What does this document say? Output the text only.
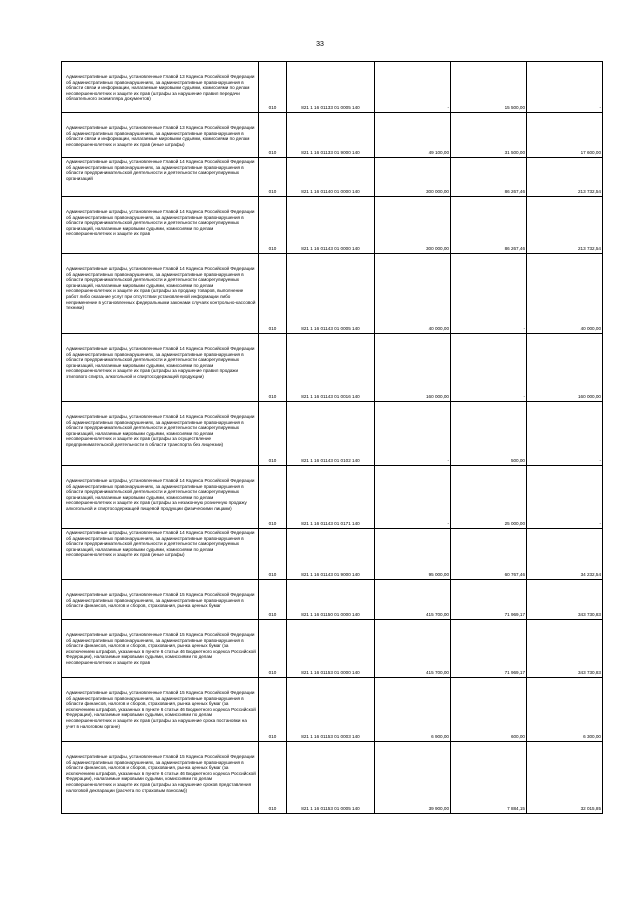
33
Административные штрафы, установленные Главой 13 Кодекса Российской Федерации об административных правонарушениях, за административные правонарушения в области связи и информации, налагаемые мировыми судьями, комиссиями по делам несовершеннолетних и защите их прав (штрафы за нарушение правил передачи обязательного экземпляра документов)	010	821 1 16 01133 01 0005 140	-	15 500,00	-
Административные штрафы, установленные Главой 13 Кодекса Российской Федерации об административных правонарушениях, за административные правонарушения в области связи и информации, налагаемые мировыми судьями, комиссиями по делам несовершеннолетних и защите их прав (иные штрафы)	010	821 1 16 01133 01 9000 140	49 100,00	31 500,00	17 600,00
Административные штрафы, установленные Главой 14 Кодекса Российской Федерации об административных правонарушениях, за административные правонарушения в области предпринимательской деятельности и деятельности саморегулируемых организаций	010	821 1 16 01140 01 0000 140	300 000,00	86 267,46	213 732,54
Административные штрафы, установленные Главой 14 Кодекса Российской Федерации об административных правонарушениях, за административные правонарушения в области предпринимательской деятельности и деятельности саморегулируемых организаций, налагаемые мировыми судьями, комиссиями по делам несовершеннолетних и защите их прав	010	821 1 16 01143 01 0000 140	300 000,00	86 267,46	213 732,54
Административные штрафы, установленные Главой 14 Кодекса Российской Федерации об административных правонарушениях, за административные правонарушения в области предпринимательской деятельности и деятельности саморегулируемых организаций, налагаемые мировыми судьями, комиссиями по делам несовершеннолетних и защите их прав (штрафы за продажу товаров, выполнение работ либо оказание услуг при отсутствии установленной информации либо неприменение в установленных федеральными законами случаях контрольно-кассовой техники)	010	821 1 16 01143 01 0005 140	40 000,00	-	40 000,00
Административные штрафы, установленные Главой 14 Кодекса Российской Федерации об административных правонарушениях, за административные правонарушения в области предпринимательской деятельности и деятельности саморегулируемых организаций, налагаемые мировыми судьями, комиссиями по делам несовершеннолетних и защите их прав (штрафы за нарушение правил продажи этилового спирта, алкогольной и спиртосодержащей продукции)	010	821 1 16 01143 01 0016 140	160 000,00	-	160 000,00
Административные штрафы, установленные Главой 14 Кодекса Российской Федерации об административных правонарушениях, за административные правонарушения в области предпринимательской деятельности и деятельности саморегулируемых организаций, налагаемые мировыми судьями, комиссиями по делам несовершеннолетних и защите их прав (штрафы за осуществление предпринимательской деятельности в области транспорта без лицензии)	010	821 1 16 01143 01 0102 140	-	500,00	-
Административные штрафы, установленные Главой 14 Кодекса Российской Федерации об административных правонарушениях, за административные правонарушения в области предпринимательской деятельности и деятельности саморегулируемых организаций, налагаемые мировыми судьями, комиссиями по делам несовершеннолетних и защите их прав (штрафы за незаконную розничную продажу алкогольной и спиртосодержащей пищевой продукции физическими лицами)	010	821 1 16 01143 01 0171 140	-	25 000,00	-
Административные штрафы, установленные Главой 14 Кодекса Российской Федерации об административных правонарушениях, за административные правонарушения в области предпринимательской деятельности и деятельности саморегулируемых организаций, налагаемые мировыми судьями, комиссиями по делам несовершеннолетних и защите их прав (иные штрафы)	010	821 1 16 01143 01 9000 140	95 000,00	60 767,46	34 232,54
Административные штрафы, установленные Главой 15 Кодекса Российской Федерации об административных правонарушениях, за административные правонарушения в области финансов, налогов и сборов, страхования, рынка ценных бумаг	010	821 1 16 01150 01 0000 140	415 700,00	71 969,17	343 730,83
Административные штрафы, установленные Главой 15 Кодекса Российской Федерации об административных правонарушениях, за административные правонарушения в области финансов, налогов и сборов, страхования, рынка ценных бумаг (за исключением штрафов, указанных в пункте 6 статьи 46 Бюджетного кодекса Российской Федерации), налагаемые мировыми судьями, комиссиями по делам несовершеннолетних и защите их прав	010	821 1 16 01153 01 0000 140	415 700,00	71 969,17	343 730,83
Административные штрафы, установленные Главой 15 Кодекса Российской Федерации об административных правонарушениях, за административные правонарушения в области финансов, налогов и сборов, страхования, рынка ценных бумаг (за исключением штрафов, указанных в пункте 6 статьи 46 Бюджетного кодекса Российской Федерации), налагаемые мировыми судьями, комиссиями по делам несовершеннолетних и защите их прав (штрафы за нарушение срока постановки на учет в налоговом органе)	010	821 1 16 01153 01 0003 140	6 900,00	600,00	6 300,00
Административные штрафы, установленные Главой 15 Кодекса Российской Федерации об административных правонарушениях, за административные правонарушения в области финансов, налогов и сборов, страхования, рынка ценных бумаг (за исключением штрафов, указанных в пункте 6 статьи 46 Бюджетного кодекса Российской Федерации), налагаемые мировыми судьями, комиссиями по делам несовершеннолетних и защите их прав (штрафы за нарушение сроков представления налоговой декларации (расчета по страховым взносам))	010	821 1 16 01153 01 0005 140	39 900,00	7 884,15	32 015,85
